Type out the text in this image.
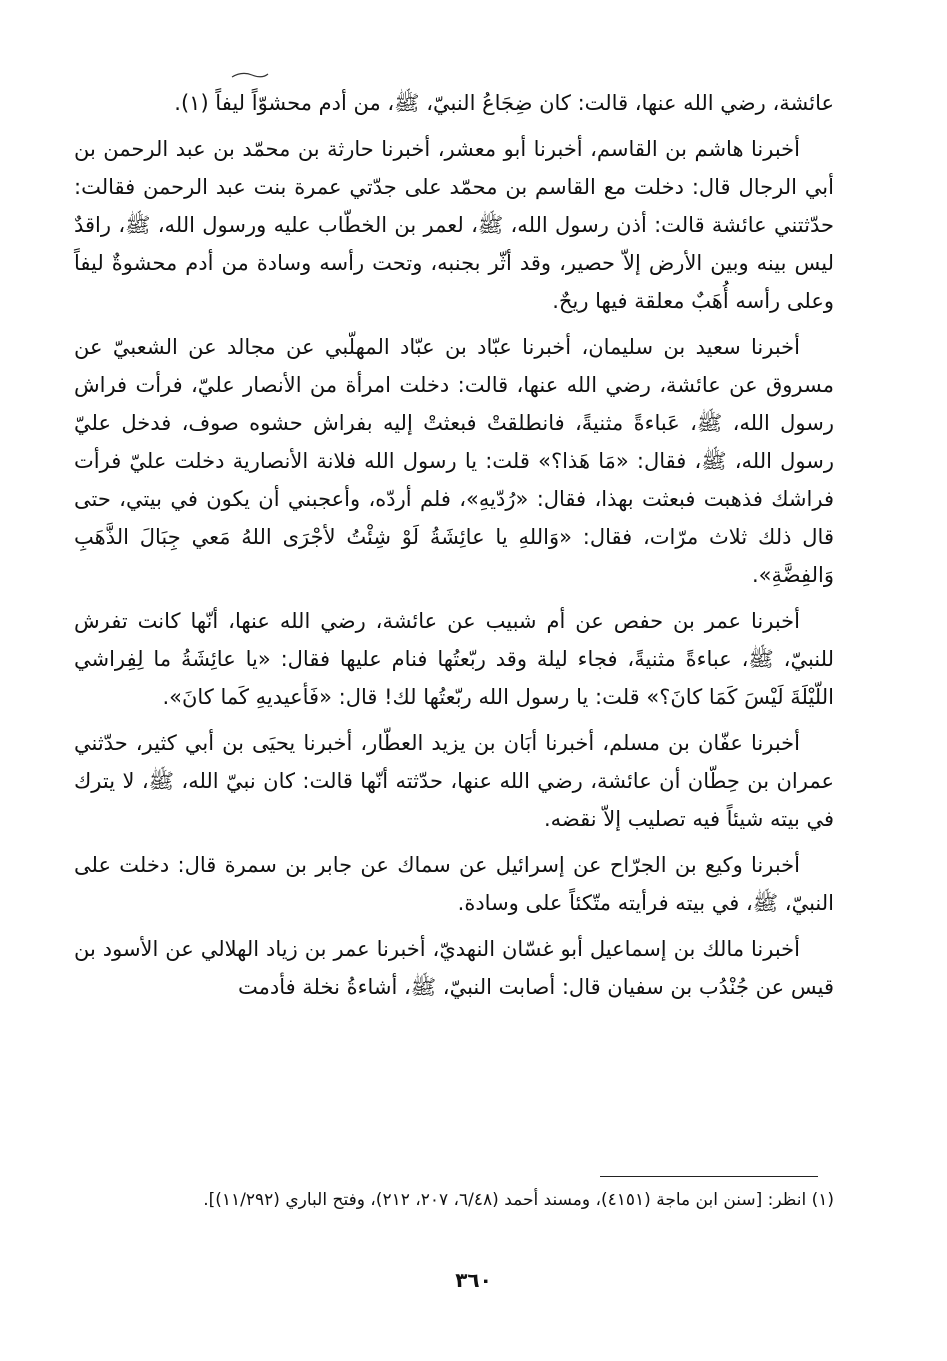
عائشة، رضي الله عنها، قالت: كان ضِجَاعُ النبيّ، ﷺ، من أدم محشوّاً ليفاً (١).

أخبرنا هاشم بن القاسم، أخبرنا أبو معشر، أخبرنا حارثة بن محمّد بن عبد الرحمن بن أبي الرجال قال: دخلت مع القاسم بن محمّد على جدّتي عمرة بنت عبد الرحمن فقالت: حدّثتني عائشة قالت: أذن رسول الله، ﷺ، لعمر بن الخطّاب عليه ورسول الله، ﷺ، راقدٌ ليس بينه وبين الأرض إلاّ حصير، وقد أثّر بجنبه، وتحت رأسه وسادة من أدم محشوةٌ ليفاً وعلى رأسه أُهَبٌ معلقة فيها ريحٌ.

أخبرنا سعيد بن سليمان، أخبرنا عبّاد بن عبّاد المهلّبي عن مجالد عن الشعبيّ عن مسروق عن عائشة، رضي الله عنها، قالت: دخلت امرأة من الأنصار عليّ، فرأت فراش رسول الله، ﷺ، عَباءةً مثنيةً، فانطلقتْ فبعثتْ إليه بفراش حشوه صوف، فدخل عليّ رسول الله، ﷺ، فقال: «مَا هَذا؟» قلت: يا رسول الله فلانة الأنصارية دخلت عليّ فرأت فراشك فذهبت فبعثت بهذا، فقال: «رُدّيهِ»، فلم أردّه، وأعجبني أن يكون في بيتي، حتى قال ذلك ثلاث مرّات، فقال: «وَاللهِ يا عائِشَةُ لَوْ شِئْتُ لأجْرَى اللهُ مَعي جِبَالَ الذَّهَبِ وَالفِضَّةِ».

أخبرنا عمر بن حفص عن أم شبيب عن عائشة، رضي الله عنها، أنّها كانت تفرش للنبيّ، ﷺ، عباءةً مثنيةً، فجاء ليلة وقد ربّعتُها فنام عليها فقال: «يا عائِشَةُ ما لِفِراشي اللّيْلَةَ لَيْسَ كَمَا كانَ؟» قلت: يا رسول الله ربّعتُها لك! قال: «فَأعيديهِ كَما كانَ».

أخبرنا عفّان بن مسلم، أخبرنا أبَان بن يزيد العطّار، أخبرنا يحيَى بن أبي كثير، حدّثني عمران بن حِطّان أن عائشة، رضي الله عنها، حدّثته أنّها قالت: كان نبيّ الله، ﷺ، لا يترك في بيته شيئاً فيه تصليب إلاّ نقضه.

أخبرنا وكيع بن الجرّاح عن إسرائيل عن سماك عن جابر بن سمرة قال: دخلت على النبيّ، ﷺ، في بيته فرأيته متّكئاً على وسادة.

أخبرنا مالك بن إسماعيل أبو غسّان النهديّ، أخبرنا عمر بن زياد الهلالي عن الأسود بن قيس عن جُنْدُب بن سفيان قال: أصابت النبيّ، ﷺ، أشاءةُ نخلة فأدمت

(١) انظر: [سنن ابن ماجة (٤١٥١)، ومسند أحمد (٦/٤٨، ٢٠٧، ٢١٢)، وفتح الباري (١١/٢٩٢)].
٣٦٠
